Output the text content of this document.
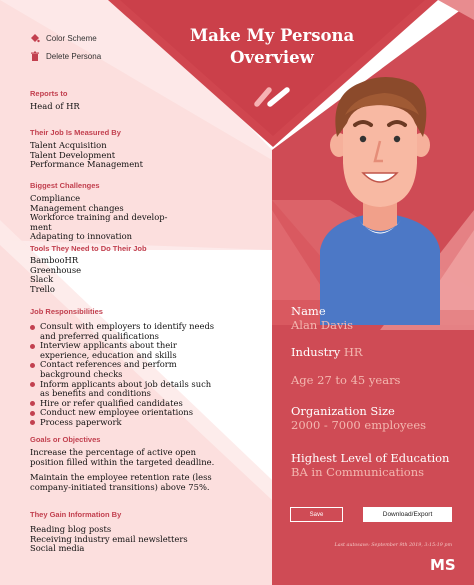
Color Scheme
Delete Persona
Reports to
Head of HR
Their Job Is Measured By
Talent Acquisition
Talent Development
Performance Management
Biggest Challenges
Compliance
Management changes
Workforce training and develop-
ment
Adapating to innovation
Tools They Need to Do Their Job
BambooHR
Greenhouse
Slack
Trello
Job Responsibilities
Consult with employers to identify needs
and preferred qualifications
Interview applicants about their
experience, education and skills
Contact references and perform
background checks
Inform applicants about job details such
as benefits and conditions
Hire or refer qualified candidates
Conduct new employee orientations
Process paperwork
Goals or Objectives
Increase the percentage of active open
position filled within the targeted deadline.
Maintain the employee retention rate (less
company-initiated transitions) above 75%.
They Gain Information By
Reading blog posts
Receiving industry email newsletters
Social media
Make My Persona
Overview
Name
Alan Davis
Industry HR
Age 27 to 45 years
Organization Size
2000 - 7000 employees
Highest Level of Education
BA in Communications
Save	Download/Export
Last autosave: September 9th 2019, 3:15:19 pm
MS
